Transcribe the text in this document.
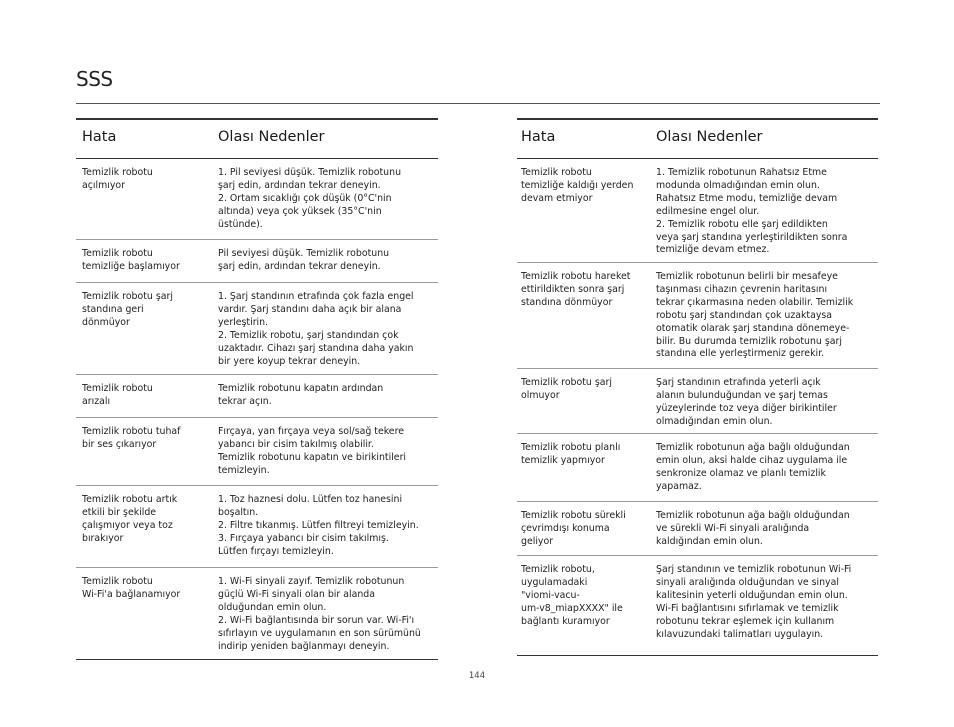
SSS
Hata	Olası Nedenler
Temizlik robotu
açılmıyor
1. Pil seviyesi düşük. Temizlik robotunu
şarj edin, ardından tekrar deneyin.
2. Ortam sıcaklığı çok düşük (0°C'nin
altında) veya çok yüksek (35°C'nin
üstünde).
Temizlik robotu
temizliğe başlamıyor
Pil seviyesi düşük. Temizlik robotunu
şarj edin, ardından tekrar deneyin.
Temizlik robotu şarj
standına geri
dönmüyor
1. Şarj standının etrafında çok fazla engel
vardır. Şarj standını daha açık bir alana
yerleştirin.
2. Temizlik robotu, şarj standından çok
uzaktadır. Cihazı şarj standına daha yakın
bir yere koyup tekrar deneyin.
Temizlik robotu
arızalı
Temizlik robotunu kapatın ardından
tekrar açın.
Temizlik robotu tuhaf
bir ses çıkarıyor
Fırçaya, yan fırçaya veya sol/sağ tekere
yabancı bir cisim takılmış olabilir.
Temizlik robotunu kapatın ve birikintileri
temizleyin.
Temizlik robotu artık
etkili bir şekilde
çalışmıyor veya toz
bırakıyor
1. Toz haznesi dolu. Lütfen toz hanesini
boşaltın.
2. Filtre tıkanmış. Lütfen filtreyi temizleyin.
3. Fırçaya yabancı bir cisim takılmış.
Lütfen fırçayı temizleyin.
Temizlik robotu
Wi-Fi'a bağlanamıyor
1. Wi-Fi sinyali zayıf. Temizlik robotunun
güçlü Wi-Fi sinyali olan bir alanda
olduğundan emin olun.
2. Wi-Fi bağlantısında bir sorun var. Wi-Fi'ı
sıfırlayın ve uygulamanın en son sürümünü
indirip yeniden bağlanmayı deneyin.
Hata	Olası Nedenler
Temizlik robotu
temizliğe kaldığı yerden
devam etmiyor
1. Temizlik robotunun Rahatsız Etme
modunda olmadığından emin olun.
Rahatsız Etme modu, temizliğe devam
edilmesine engel olur.
2. Temizlik robotu elle şarj edildikten
veya şarj standına yerleştirildikten sonra
temizliğe devam etmez.
Temizlik robotu hareket
ettirildikten sonra şarj
standına dönmüyor
Temizlik robotunun belirli bir mesafeye
taşınması cihazın çevrenin haritasını
tekrar çıkarmasına neden olabilir. Temizlik
robotu şarj standından çok uzaktaysa
otomatik olarak şarj standına dönemeye-
bilir. Bu durumda temizlik robotunu şarj
standına elle yerleştirmeniz gerekir.
Temizlik robotu şarj
olmuyor
Şarj standının etrafında yeterli açık
alanın bulunduğundan ve şarj temas
yüzeylerinde toz veya diğer birikintiler
olmadığından emin olun.
Temizlik robotu planlı
temizlik yapmıyor
Temizlik robotunun ağa bağlı olduğundan
emin olun, aksi halde cihaz uygulama ile
senkronize olamaz ve planlı temizlik
yapamaz.
Temizlik robotu sürekli
çevrimdışı konuma
geliyor
Temizlik robotunun ağa bağlı olduğundan
ve sürekli Wi-Fi sinyali aralığında
kaldığından emin olun.
Temizlik robotu,
uygulamadaki
"viomi-vacu-
um-v8_miapXXXX" ile
bağlantı kuramıyor
Şarj standının ve temizlik robotunun Wi-Fi
sinyali aralığında olduğundan ve sinyal
kalitesinin yeterli olduğundan emin olun.
Wi-Fi bağlantısını sıfırlamak ve temizlik
robotunu tekrar eşlemek için kullanım
kılavuzundaki talimatları uygulayın.
144
